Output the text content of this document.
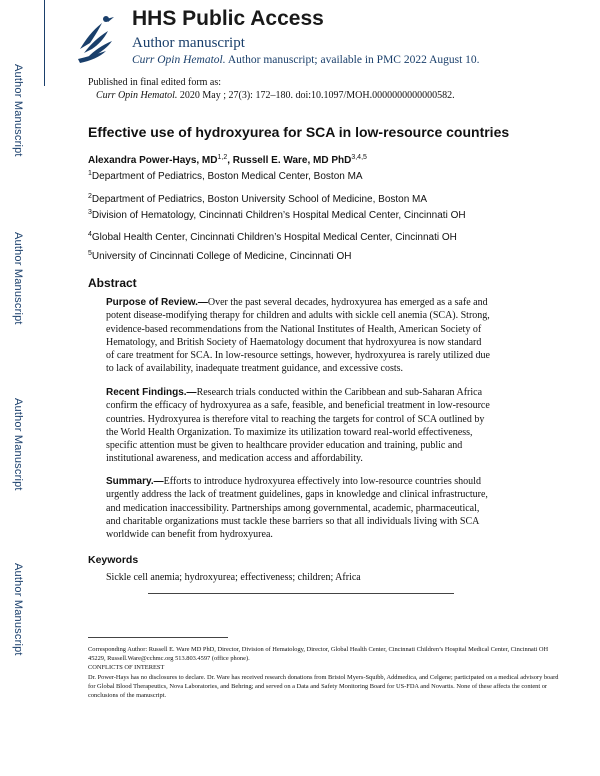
Author Manuscript
Author Manuscript
Author Manuscript
Author Manuscript
HHS Public Access
Author manuscript
Curr Opin Hematol. Author manuscript; available in PMC 2022 August 10.
Published in final edited form as:
Curr Opin Hematol. 2020 May ; 27(3): 172–180. doi:10.1097/MOH.0000000000000582.
Effective use of hydroxyurea for SCA in low-resource countries
Alexandra Power-Hays, MD$^{1,2}$, Russell E. Ware, MD PhD$^{3,4,5}$
$^1$Department of Pediatrics, Boston Medical Center, Boston MA
$^2$Department of Pediatrics, Boston University School of Medicine, Boston MA
$^3$Division of Hematology, Cincinnati Children’s Hospital Medical Center, Cincinnati OH
$^4$Global Health Center, Cincinnati Children’s Hospital Medical Center, Cincinnati OH
$^5$University of Cincinnati College of Medicine, Cincinnati OH
Abstract
Purpose of Review.—Over the past several decades, hydroxyurea has emerged as a safe and potent disease-modifying therapy for children and adults with sickle cell anemia (SCA). Strong, evidence-based recommendations from the National Institutes of Health, American Society of Hematology, and British Society of Haematology document that hydroxyurea is now standard of care treatment for SCA. In low-resource settings, however, hydroxyurea is rarely utilized due to lack of availability, inadequate treatment guidance, and excessive costs.
Recent Findings.—Research trials conducted within the Caribbean and sub-Saharan Africa confirm the efficacy of hydroxyurea as a safe, feasible, and beneficial treatment in low-resource countries. Hydroxyurea is therefore vital to reaching the targets for control of SCA outlined by the World Health Organization. To maximize its utilization toward real-world effectiveness, specific attention must be given to healthcare provider education and training, public and institutional awareness, and medication access and affordability.
Summary.—Efforts to introduce hydroxyurea effectively into low-resource countries should urgently address the lack of treatment guidelines, gaps in knowledge and clinical infrastructure, and medication inaccessibility. Partnerships among governmental, academic, pharmaceutical, and charitable organizations must tackle these barriers so that all individuals living with SCA worldwide can benefit from hydroxyurea.
Keywords
Sickle cell anemia; hydroxyurea; effectiveness; children; Africa
Corresponding Author: Russell E. Ware MD PhD, Director, Division of Hematology, Director, Global Health Center, Cincinnati Children’s Hospital Medical Center, Cincinnati OH 45229, Russell.Ware@cchmc.org 513.803.4597 (office phone).
CONFLICTS OF INTEREST
Dr. Power-Hays has no disclosures to declare. Dr. Ware has received research donations from Bristol Myers-Squibb, Addmedica, and Celgene; participated on a medical advisory board for Global Blood Therapeutics, Nova Laboratories, and Behring; and served on a Data and Safety Monitoring Board for US-FDA and Novartis. None of these affects the content or conclusions of the manuscript.
